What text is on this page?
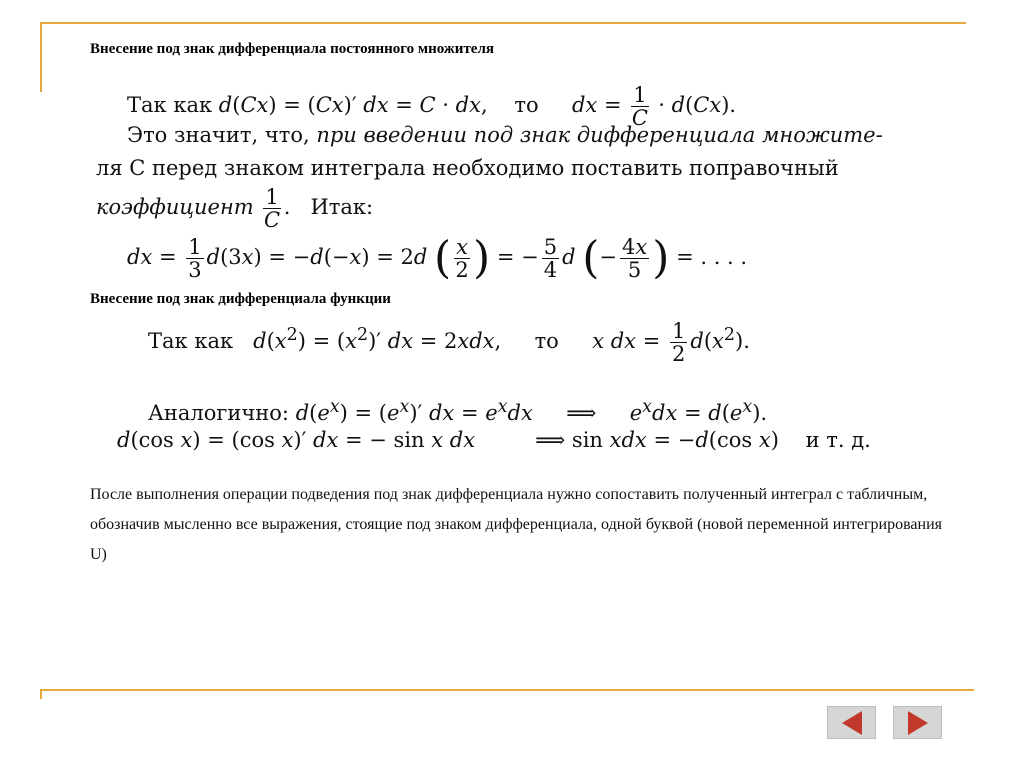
Внесение под знак дифференциала постоянного множителя
Так как d(Cx) = (Cx)′ dx = C · dx,    то dx = $\frac{1}{C} \cdot d(Cx)$.
Это значит, что, при введении под знак дифференциала множите-
ля C перед знаком интеграла необходимо поставить поправочный
коэффициент $\frac{1}{C}$ .   Итак:
dx = $\frac{1}{3} d(3x) = -d(-x) = 2d$ ( $\frac{x}{2}$ ) = − $\frac{5}{4}$ d (− $\frac{4x}{5}$ ) = . . . .
Внесение под знак дифференциала функции
Так как $d(x^2) = (x^2)'$ dx = 2xdx,     то x dx = $\frac{1}{2} d(x^2)$.
Аналогично: $d(e^x) = (e^x)'$ dx = $e^xdx$     ⟹     $e^xdx = d(e^x)$.
d(cos x) = (cos x)′ dx = − sin x dx         ⟹ sin xdx = −d(cos x)    и т. д.
После выполнения операции подведения под знак дифференциала нужно сопоставить полученный интеграл с табличным, обозначив мысленно все выражения, стоящие под знаком дифференциала, одной буквой (новой переменной интегрирования U)
